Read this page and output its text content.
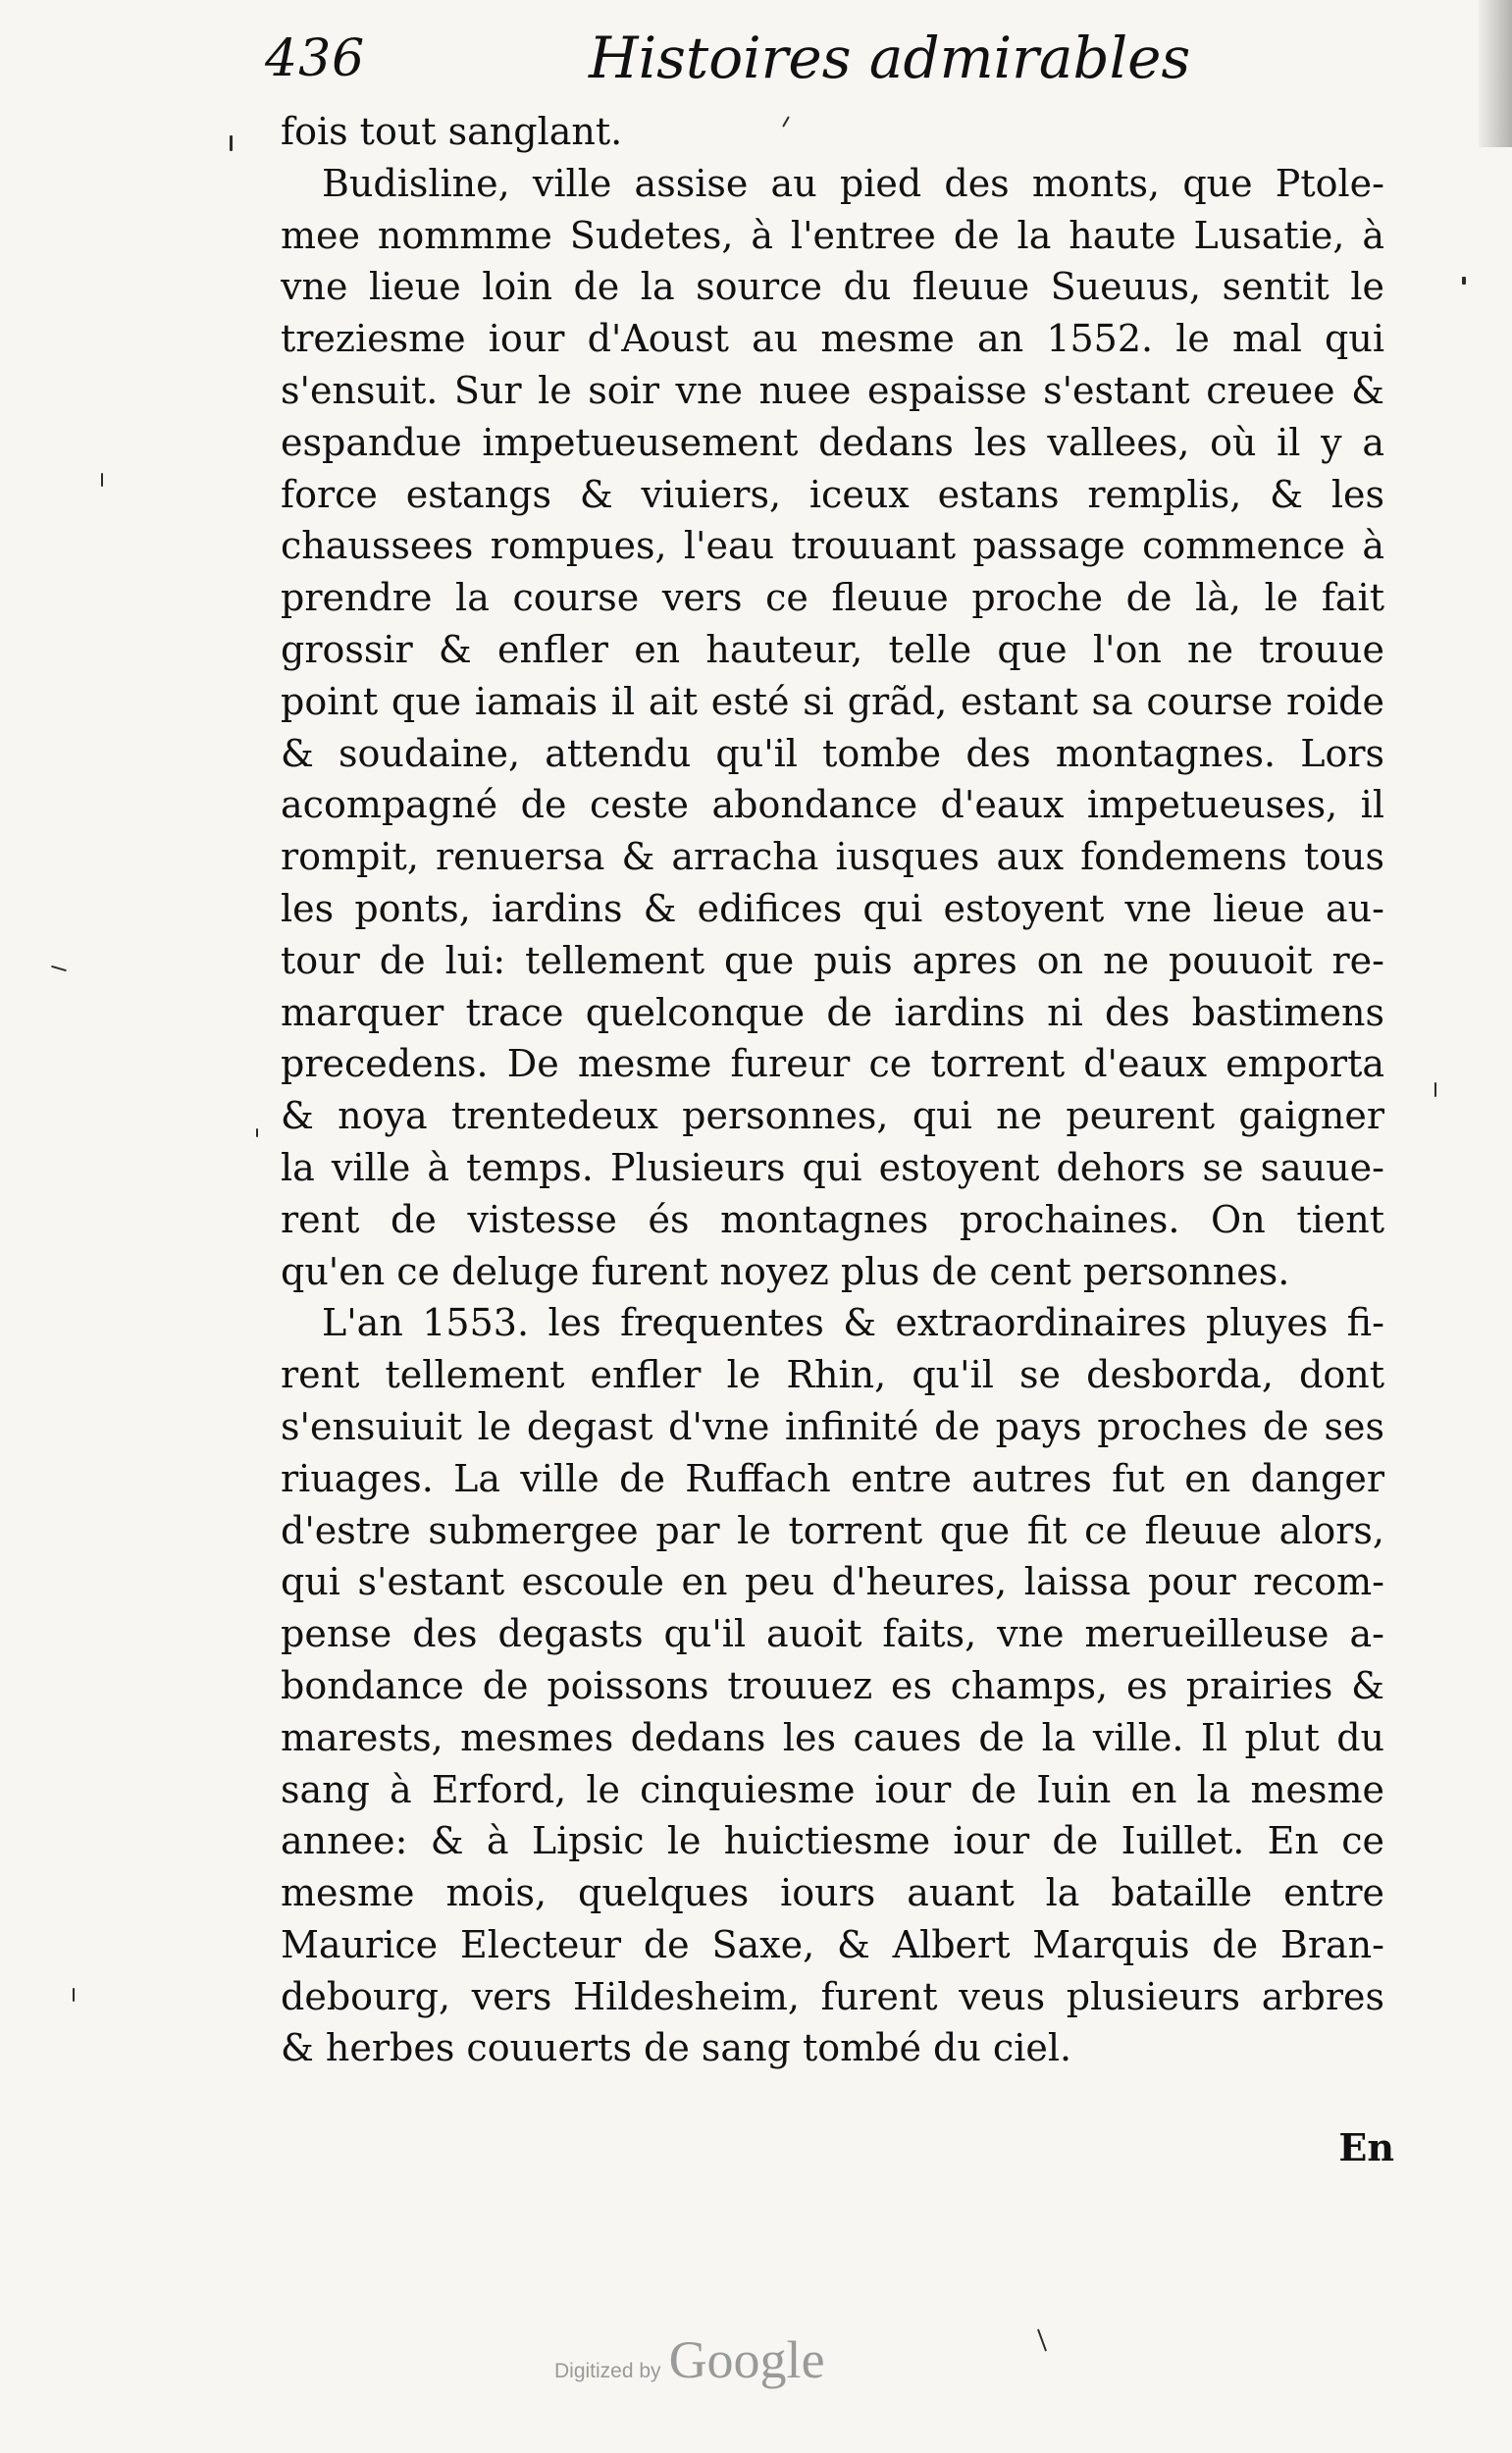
436	Histoires admirables
fois tout sanglant.
Budisline, ville assise au pied des monts, que Ptole-
mee nommme Sudetes, à l'entree de la haute Lusatie, à
vne lieue loin de la source du fleuue Sueuus, sentit le
treziesme iour d'Aoust au mesme an 1552. le mal qui
s'ensuit. Sur le soir vne nuee espaisse s'estant creuee &
espandue impetueusement dedans les vallees, où il y a
force estangs & viuiers, iceux estans remplis, & les
chaussees rompues, l'eau trouuant passage commence à
prendre la course vers ce fleuue proche de là, le fait
grossir & enfler en hauteur, telle que l'on ne trouue
point que iamais il ait esté si grãd, estant sa course roide
& soudaine, attendu qu'il tombe des montagnes. Lors
acompagné de ceste abondance d'eaux impetueuses, il
rompit, renuersa & arracha iusques aux fondemens tous
les ponts, iardins & edifices qui estoyent vne lieue au-
tour de lui: tellement que puis apres on ne pouuoit re-
marquer trace quelconque de iardins ni des bastimens
precedens. De mesme fureur ce torrent d'eaux emporta
& noya trentedeux personnes, qui ne peurent gaigner
la ville à temps. Plusieurs qui estoyent dehors se sauue-
rent de vistesse és montagnes prochaines. On tient
qu'en ce deluge furent noyez plus de cent personnes.
L'an 1553. les frequentes & extraordinaires pluyes fi-
rent tellement enfler le Rhin, qu'il se desborda, dont
s'ensuiuit le degast d'vne infinité de pays proches de ses
riuages. La ville de Ruffach entre autres fut en danger
d'estre submergee par le torrent que fit ce fleuue alors,
qui s'estant escoule en peu d'heures, laissa pour recom-
pense des degasts qu'il auoit faits, vne merueilleuse a-
bondance de poissons trouuez es champs, es prairies &
marests, mesmes dedans les caues de la ville. Il plut du
sang à Erford, le cinquiesme iour de Iuin en la mesme
annee: & à Lipsic le huictiesme iour de Iuillet. En ce
mesme mois, quelques iours auant la bataille entre
Maurice Electeur de Saxe, & Albert Marquis de Bran-
debourg, vers Hildesheim, furent veus plusieurs arbres
& herbes couuerts de sang tombé du ciel.
En
Digitized by Google
